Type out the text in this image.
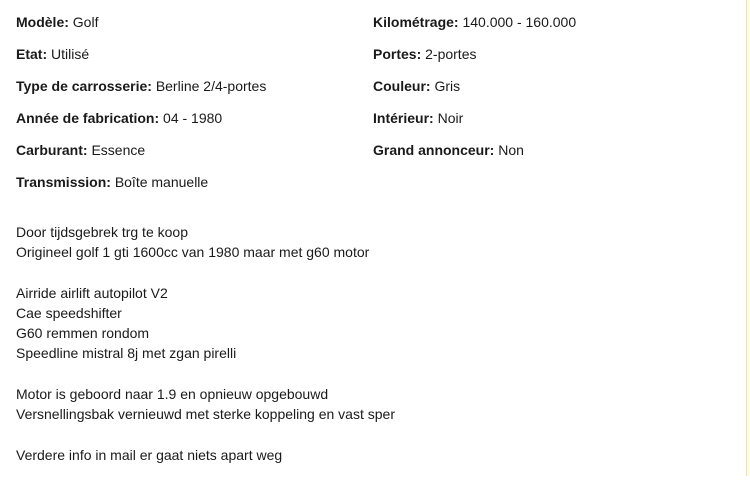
Modèle: Golf
Etat: Utilisé
Type de carrosserie: Berline 2/4-portes
Année de fabrication: 04 - 1980
Carburant: Essence
Transmission: Boîte manuelle
Kilométrage: 140.000 - 160.000
Portes: 2-portes
Couleur: Gris
Intérieur: Noir
Grand annonceur: Non
Door tijdsgebrek trg te koop
Origineel golf 1 gti 1600cc van 1980 maar met g60 motor
Airride airlift autopilot V2
Cae speedshifter
G60 remmen rondom
Speedline mistral 8j met zgan pirelli
Motor is geboord naar 1.9 en opnieuw opgebouwd
Versnellingsbak vernieuwd met sterke koppeling en vast sper
Verdere info in mail er gaat niets apart weg
